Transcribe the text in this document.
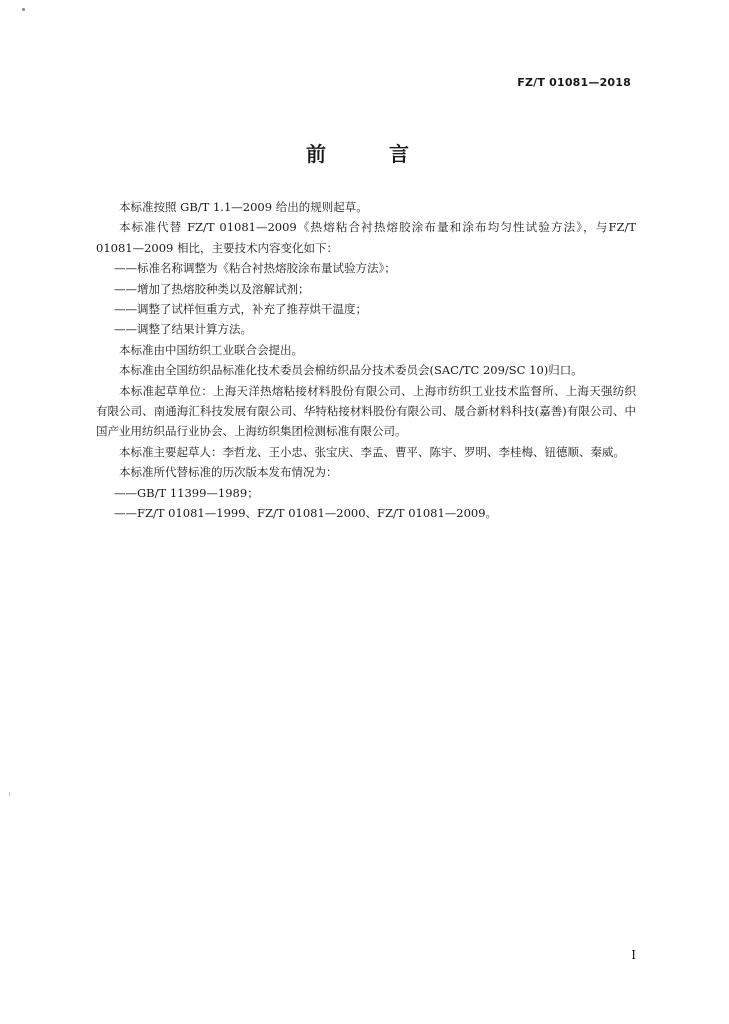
FZ/T 01081—2018
前 言

本标准按照 GB/T 1.1—2009 给出的规则起草。

本标准代替 FZ/T 01081—2009《热熔粘合衬热熔胶涂布量和涂布均匀性试验方法》，与FZ/T 01081—2009 相比，主要技术内容变化如下：

——标准名称调整为《粘合衬热熔胶涂布量试验方法》；

——增加了热熔胶种类以及溶解试剂；

——调整了试样恒重方式，补充了推荐烘干温度；

——调整了结果计算方法。

本标准由中国纺织工业联合会提出。

本标准由全国纺织品标准化技术委员会棉纺织品分技术委员会(SAC/TC 209/SC 10)归口。

本标准起草单位：上海天洋热熔粘接材料股份有限公司、上海市纺织工业技术监督所、上海天强纺织有限公司、南通海汇科技发展有限公司、华特粘接材料股份有限公司、晟合新材料科技(嘉善)有限公司、中国产业用纺织品行业协会、上海纺织集团检测标准有限公司。

本标准主要起草人：李哲龙、王小忠、张宝庆、李孟、曹平、陈宇、罗明、李桂梅、钮德顺、秦威。

本标准所代替标准的历次版本发布情况为：

——GB/T 11399—1989；

——FZ/T 01081—1999、FZ/T 01081—2000、FZ/T 01081—2009。

I
